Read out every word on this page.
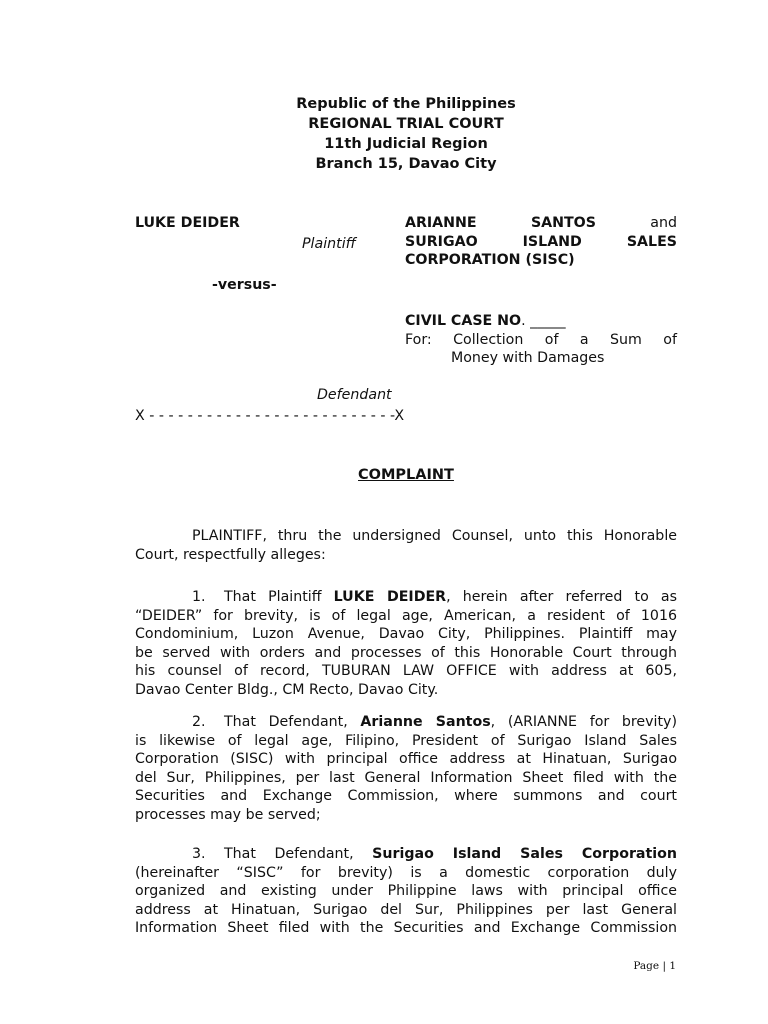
Republic of the Philippines
REGIONAL TRIAL COURT
11th Judicial Region
Branch 15, Davao City
LUKE DEIDER
Plaintiff
-versus-
ARIANNE	SANTOS	and
SURIGAO	ISLAND	SALES
CORPORATION (SISC)
CIVIL CASE NO. _____
For: Collection of a Sum of
Money with Damages
Defendant
X - - - - - - - - - - - - - - - - - - - - - - - - - -X
COMPLAINT
PLAINTIFF, thru the undersigned Counsel, unto this Honorable
Court, respectfully alleges:
1. That Plaintiff LUKE DEIDER, herein after referred to as
“DEIDER” for brevity, is of legal age, American, a resident of 1016
Condominium, Luzon Avenue, Davao City, Philippines. Plaintiff may
be served with orders and processes of this Honorable Court through
his counsel of record, TUBURAN LAW OFFICE with address at 605,
Davao Center Bldg., CM Recto, Davao City.
2. That Defendant, Arianne Santos, (ARIANNE for brevity)
is likewise of legal age, Filipino, President of Surigao Island Sales
Corporation (SISC) with principal office address at Hinatuan, Surigao
del Sur, Philippines, per last General Information Sheet filed with the
Securities and Exchange Commission, where summons and court
processes may be served;
3. That Defendant, Surigao Island Sales Corporation
(hereinafter “SISC” for brevity) is a domestic corporation duly
organized and existing under Philippine laws with principal office
address at Hinatuan, Surigao del Sur, Philippines per last General
Information Sheet filed with the Securities and Exchange Commission
Page | 1
